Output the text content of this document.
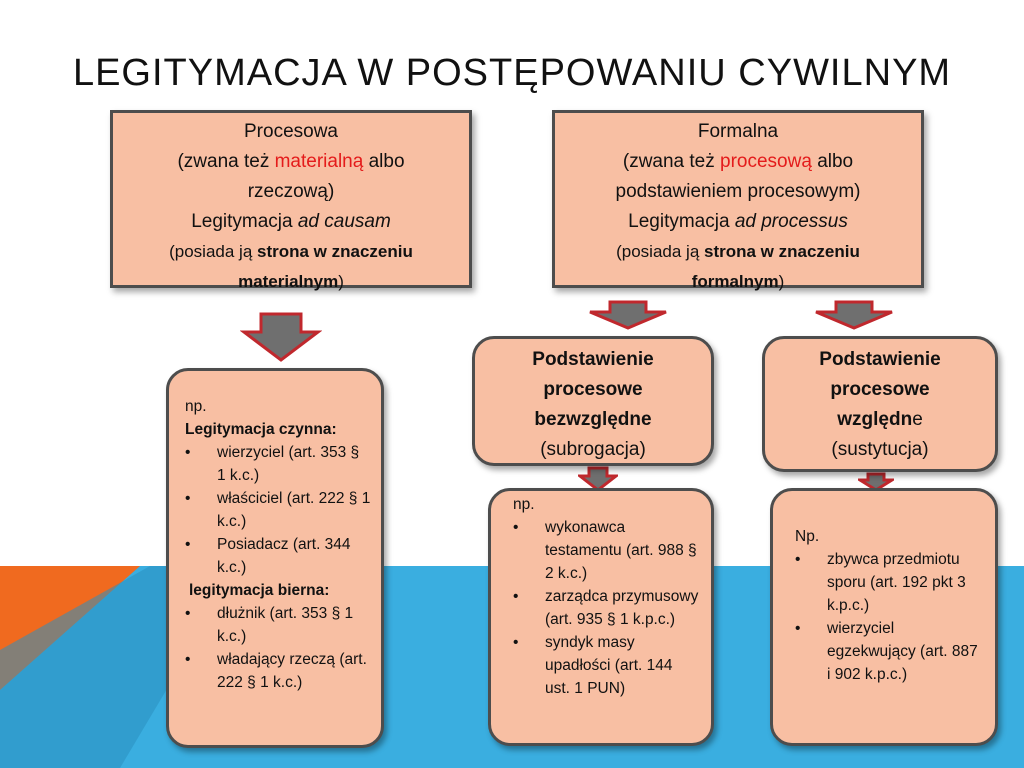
LEGITYMACJA W POSTĘPOWANIU CYWILNYM
Procesowa
(zwana też materialną albo
rzeczową)
Legitymacja ad causam
(posiada ją strona w znaczeniu
materialnym)
Formalna
(zwana też procesową albo
podstawieniem procesowym)
Legitymacja ad processus
(posiada ją strona w znaczeniu
formalnym)
Podstawienie
procesowe
bezwzględne
(subrogacja)
Podstawienie
procesowe
względne
(sustytucja)
np.
Legitymacja czynna:
• wierzyciel (art. 353 § 1 k.c.)
• właściciel (art. 222 § 1 k.c.)
• Posiadacz (art. 344 k.c.)
legitymacja bierna:
• dłużnik (art. 353 § 1 k.c.)
• władający rzeczą (art. 222 § 1 k.c.)
np.
• wykonawca testamentu (art. 988 § 2 k.c.)
• zarządca przymusowy (art. 935 § 1 k.p.c.)
• syndyk masy upadłości (art. 144 ust. 1 PUN)
Np.
• zbywca przedmiotu sporu (art. 192 pkt 3 k.p.c.)
• wierzyciel egzekwujący (art. 887 i 902 k.p.c.)
